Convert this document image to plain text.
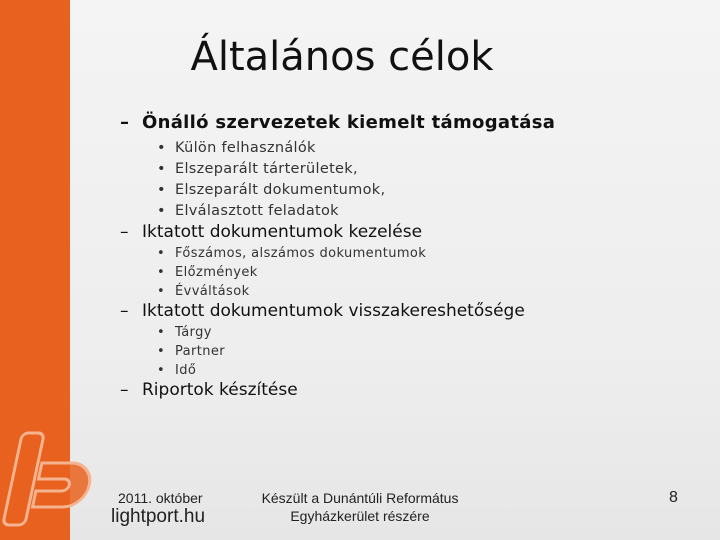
Általános célok
– Önálló szervezetek kiemelt támogatása
• Külön felhasználók
• Elszeparált tárterületek,
• Elszeparált dokumentumok,
• Elválasztott feladatok
– Iktatott dokumentumok kezelése
• Főszámos, alszámos dokumentumok
• Előzmények
• Évváltások
– Iktatott dokumentumok visszakereshetősége
• Tárgy
• Partner
• Idő
– Riportok készítése
2011. október
lightport.hu
Készült a Dunántúli Református
Egyházkerület részére
8
